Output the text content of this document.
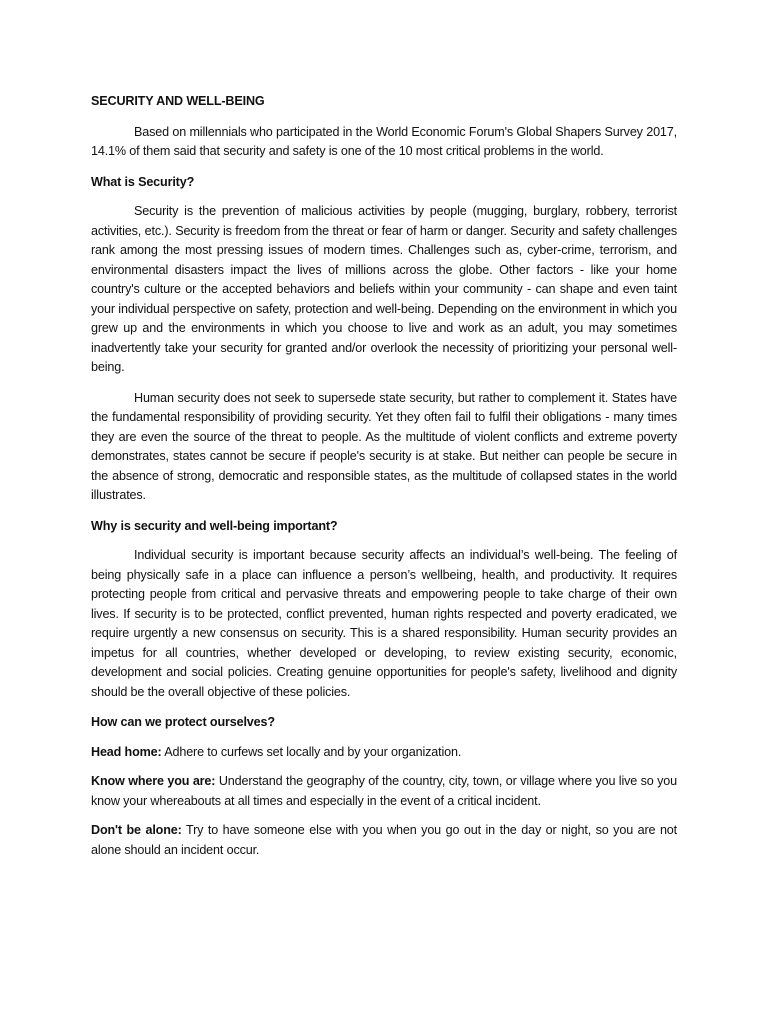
SECURITY AND WELL-BEING

Based on millennials who participated in the World Economic Forum's Global Shapers Survey 2017, 14.1% of them said that security and safety is one of the 10 most critical problems in the world.

What is Security?

Security is the prevention of malicious activities by people (mugging, burglary, robbery, terrorist activities, etc.). Security is freedom from the threat or fear of harm or danger. Security and safety challenges rank among the most pressing issues of modern times. Challenges such as, cyber-crime, terrorism, and environmental disasters impact the lives of millions across the globe. Other factors - like your home country's culture or the accepted behaviors and beliefs within your community - can shape and even taint your individual perspective on safety, protection and well-being. Depending on the environment in which you grew up and the environments in which you choose to live and work as an adult, you may sometimes inadvertently take your security for granted and/or overlook the necessity of prioritizing your personal well-being.

Human security does not seek to supersede state security, but rather to complement it. States have the fundamental responsibility of providing security. Yet they often fail to fulfil their obligations - many times they are even the source of the threat to people. As the multitude of violent conflicts and extreme poverty demonstrates, states cannot be secure if people's security is at stake. But neither can people be secure in the absence of strong, democratic and responsible states, as the multitude of collapsed states in the world illustrates.

Why is security and well-being important?

Individual security is important because security affects an individual’s well-being. The feeling of being physically safe in a place can influence a person’s wellbeing, health, and productivity. It requires protecting people from critical and pervasive threats and empowering people to take charge of their own lives. If security is to be protected, conflict prevented, human rights respected and poverty eradicated, we require urgently a new consensus on security. This is a shared responsibility. Human security provides an impetus for all countries, whether developed or developing, to review existing security, economic, development and social policies. Creating genuine opportunities for people's safety, livelihood and dignity should be the overall objective of these policies.

How can we protect ourselves?

Head home: Adhere to curfews set locally and by your organization.

Know where you are: Understand the geography of the country, city, town, or village where you live so you know your whereabouts at all times and especially in the event of a critical incident.

Don't be alone: Try to have someone else with you when you go out in the day or night, so you are not alone should an incident occur.
